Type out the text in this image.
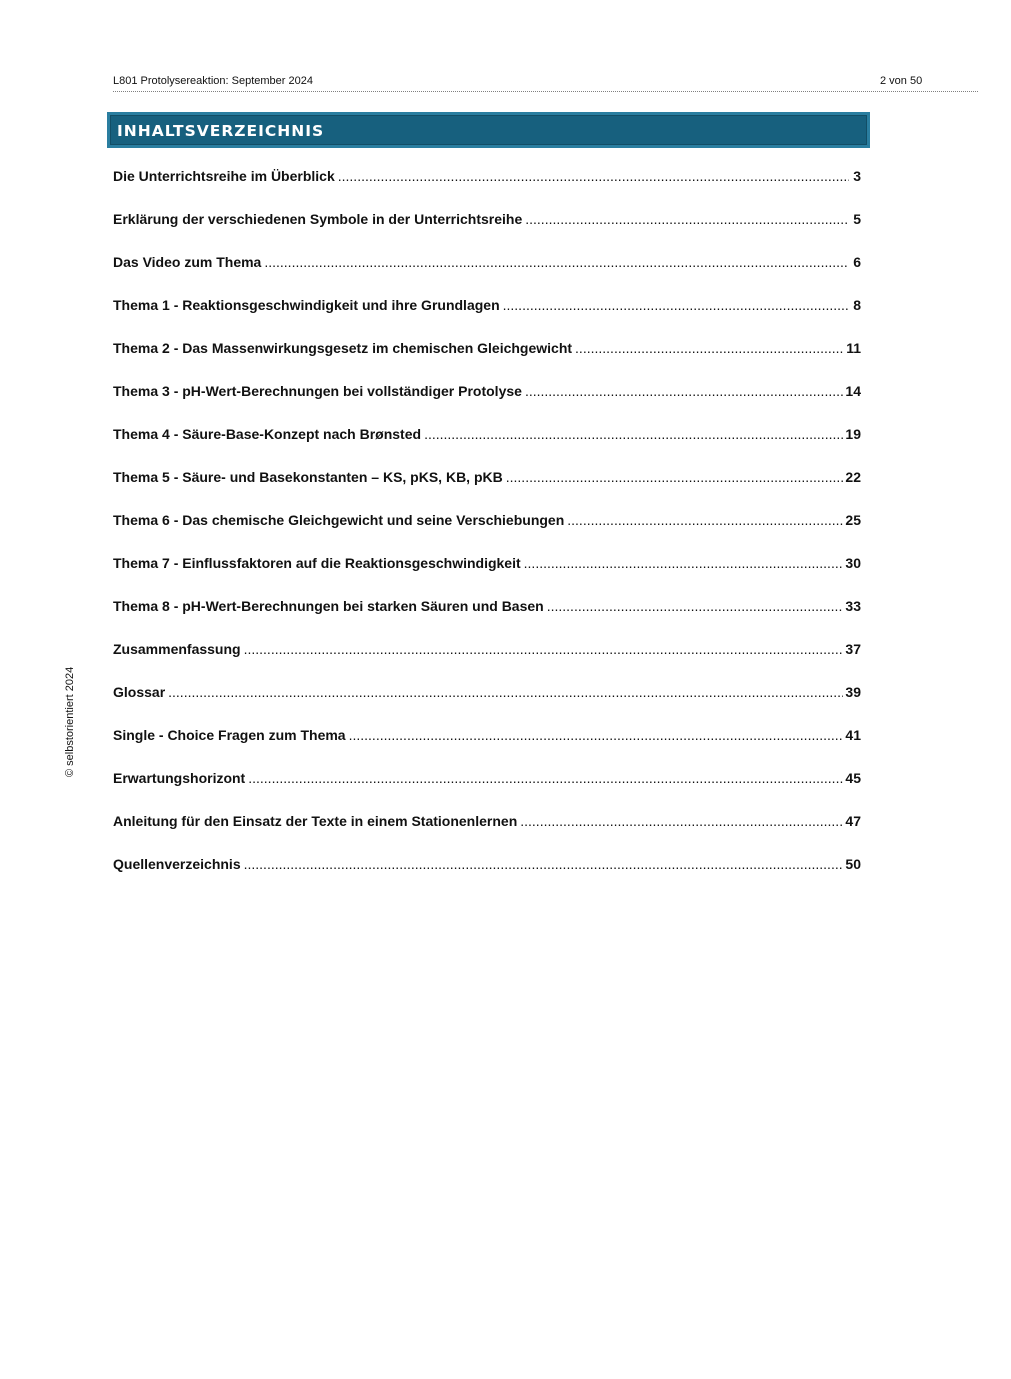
L801 Protolysereaktion: September 2024	2 von 50
INHALTSVERZEICHNIS
Die Unterrichtsreihe im Überblick .....	3
Erklärung der verschiedenen Symbole in der Unterrichtsreihe .....	5
Das Video zum Thema .....	6
Thema 1 - Reaktionsgeschwindigkeit und ihre Grundlagen .....	8
Thema 2 - Das Massenwirkungsgesetz im chemischen Gleichgewicht .....	11
Thema 3 - pH-Wert-Berechnungen bei vollständiger Protolyse .....	14
Thema 4 - Säure-Base-Konzept nach Brønsted .....	19
Thema 5 - Säure- und Basekonstanten – KS, pKS, KB, pKB .....	22
Thema 6 - Das chemische Gleichgewicht und seine Verschiebungen .....	25
Thema 7 - Einflussfaktoren auf die Reaktionsgeschwindigkeit .....	30
Thema 8 - pH-Wert-Berechnungen bei starken Säuren und Basen .....	33
Zusammenfassung .....	37
Glossar .....	39
Single - Choice Fragen zum Thema .....	41
Erwartungshorizont .....	45
Anleitung für den Einsatz der Texte in einem Stationenlernen .....	47
Quellenverzeichnis .....	50
© selbstorientiert 2024
